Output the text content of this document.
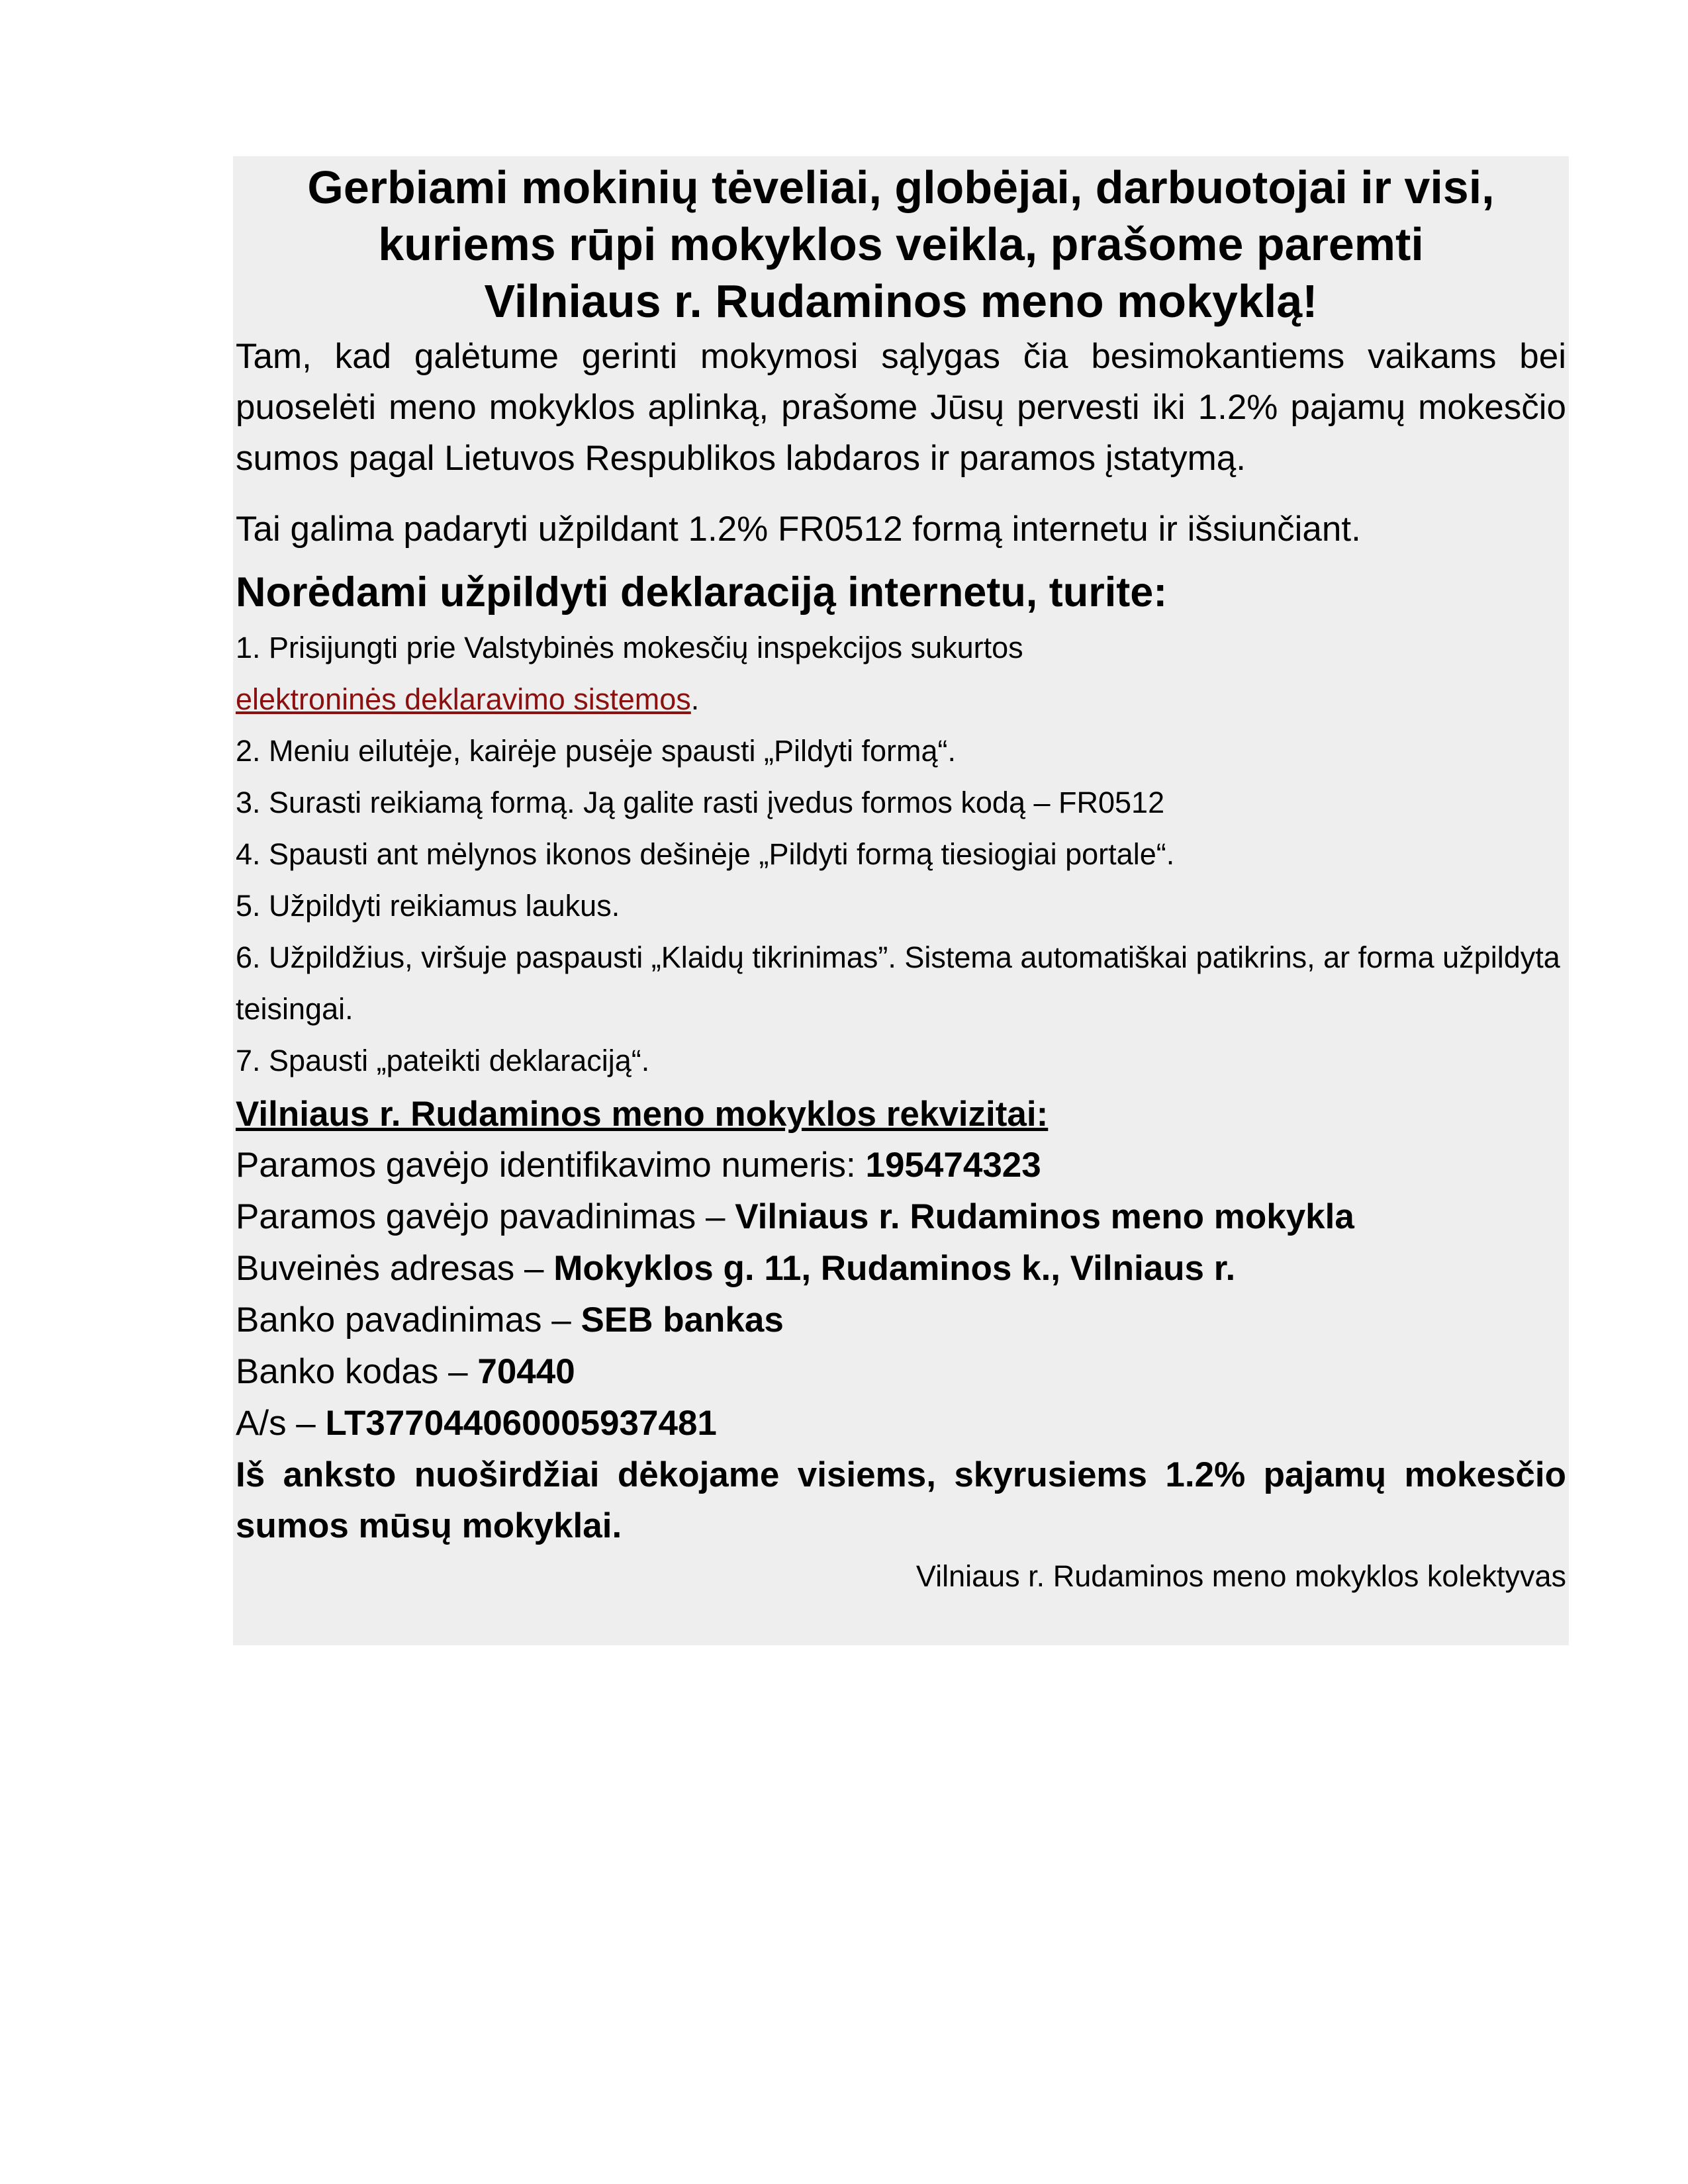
Gerbiami mokinių tėveliai, globėjai, darbuotojai ir visi,
kuriems rūpi mokyklos veikla, prašome paremti
Vilniaus r. Rudaminos meno mokyklą!

Tam, kad galėtume gerinti mokymosi sąlygas čia besimokantiems vaikams bei puoselėti meno mokyklos aplinką, prašome Jūsų pervesti iki 1.2% pajamų mokesčio sumos pagal Lietuvos Respublikos labdaros ir paramos įstatymą.

Tai galima padaryti užpildant 1.2% FR0512 formą internetu ir išsiunčiant.

Norėdami užpildyti deklaraciją internetu, turite:

1. Prisijungti prie Valstybinės mokesčių inspekcijos sukurtos
elektroninės deklaravimo sistemos.

2. Meniu eilutėje, kairėje pusėje spausti „Pildyti formą“.

3. Surasti reikiamą formą. Ją galite rasti įvedus formos kodą – FR0512

4. Spausti ant mėlynos ikonos dešinėje „Pildyti formą tiesiogiai portale“.

5. Užpildyti reikiamus laukus.

6. Užpildžius, viršuje paspausti „Klaidų tikrinimas”. Sistema automatiškai patikrins, ar forma užpildyta teisingai.

7. Spausti „pateikti deklaraciją“.

Vilniaus r. Rudaminos meno mokyklos rekvizitai:

Paramos gavėjo identifikavimo numeris: 195474323

Paramos gavėjo pavadinimas – Vilniaus r. Rudaminos meno mokykla

Buveinės adresas – Mokyklos g. 11, Rudaminos k., Vilniaus r.

Banko pavadinimas – SEB bankas

Banko kodas – 70440

A/s – LT377044060005937481

Iš anksto nuoširdžiai dėkojame visiems, skyrusiems 1.2% pajamų mokesčio sumos mūsų mokyklai.

Vilniaus r. Rudaminos meno mokyklos kolektyvas
